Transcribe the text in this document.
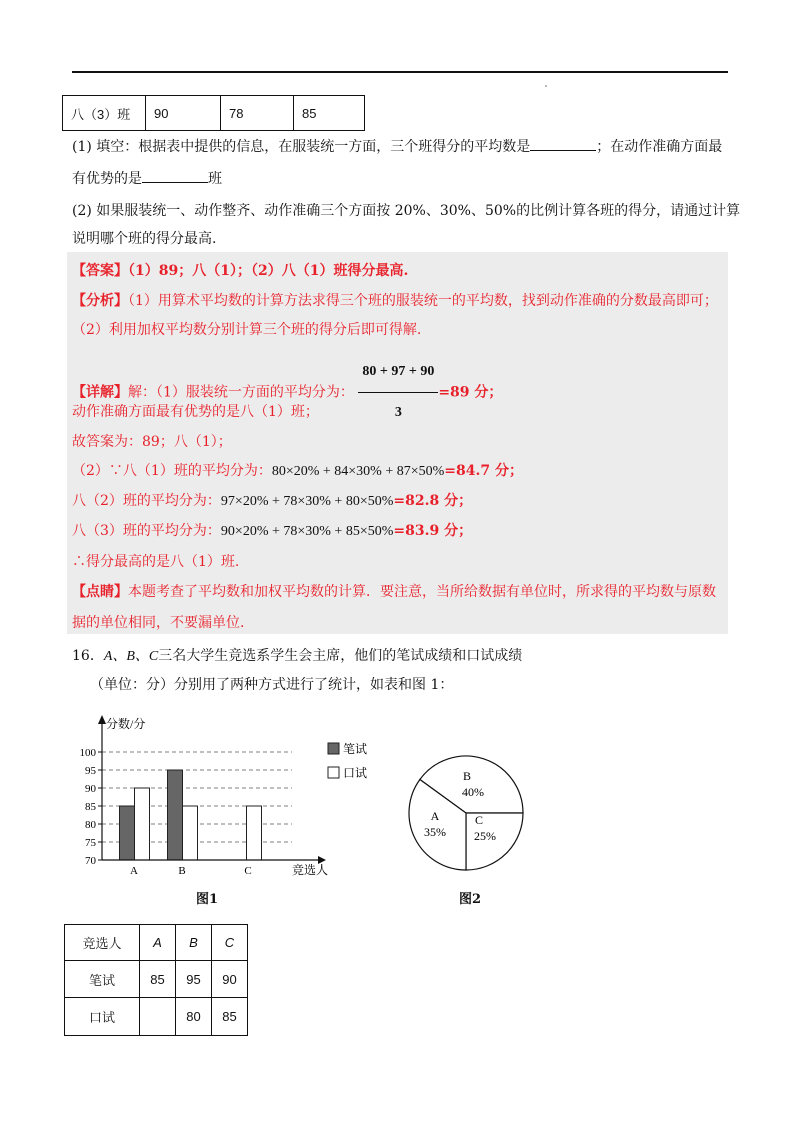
八（3）班	90	78	85
(1) 填空：根据表中提供的信息，在服装统一方面，三个班得分的平均数是	；在动作准确方面最
有优势的是	班
(2) 如果服装统一、动作整齐、动作准确三个方面按 20%、30%、50%的比例计算各班的得分，请通过计算
说明哪个班的得分最高.
【答案】（1）89；八（1）；（2）八（1）班得分最高.
【分析】（1）用算术平均数的计算方法求得三个班的服装统一的平均数，找到动作准确的分数最高即可；
（2）利用加权平均数分别计算三个班的得分后即可得解.
【详解】解：（1）服装统一方面的平均分为： $\frac{80 + 97 + 90}{3} =89$ 分；
动作准确方面最有优势的是八（1）班；
故答案为：89；八（1）；
（2）∵八（1）班的平均分为：80×20% + 84×30% + 87×50%=84.7 分；
八（2）班的平均分为：97×20% + 78×30% + 80×50%=82.8 分；
八（3）班的平均分为：90×20% + 78×30% + 85×50%=83.9 分；
∴得分最高的是八（1）班.
【点睛】本题考查了平均数和加权平均数的计算．要注意，当所给数据有单位时，所求得的平均数与原数
据的单位相同，不要漏单位.
16．A、B、C三名大学生竞选系学生会主席，他们的笔试成绩和口试成绩
（单位：分）分别用了两种方式进行了统计，如表和图 1：
70
75
80
85
90
95
100
A	B	C
分数/分
竞选人
笔试
口试
图1
B
40%
C
25%
A
35%
图2
竞选人	A	B	C
笔试	85	95	90
口试		80	85
